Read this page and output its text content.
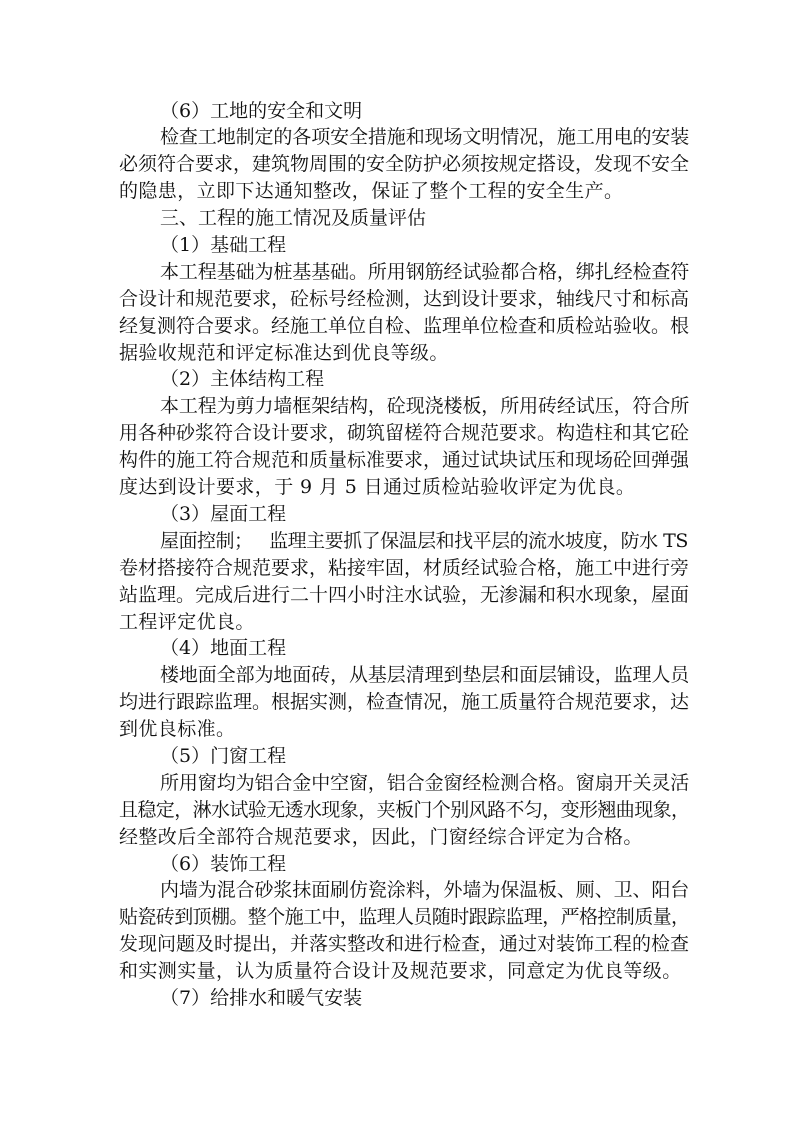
（6）工地的安全和文明
检查工地制定的各项安全措施和现场文明情况，施工用电的安装
必须符合要求，建筑物周围的安全防护必须按规定搭设，发现不安全
的隐患，立即下达通知整改，保证了整个工程的安全生产。
三、工程的施工情况及质量评估
（1）基础工程
本工程基础为桩基基础。所用钢筋经试验都合格，绑扎经检查符
合设计和规范要求，砼标号经检测，达到设计要求，轴线尺寸和标高
经复测符合要求。经施工单位自检、监理单位检查和质检站验收。根
据验收规范和评定标准达到优良等级。
（2）主体结构工程
本工程为剪力墙框架结构，砼现浇楼板，所用砖经试压，符合所
用各种砂浆符合设计要求，砌筑留槎符合规范要求。构造柱和其它砼
构件的施工符合规范和质量标准要求，通过试块试压和现场砼回弹强
度达到设计要求，于 9 月 5 日通过质检站验收评定为优良。
（3）屋面工程
屋面控制；   监理主要抓了保温层和找平层的流水坡度，防水 TS
卷材搭接符合规范要求，粘接牢固，材质经试验合格，施工中进行旁
站监理。完成后进行二十四小时注水试验，无渗漏和积水现象，屋面
工程评定优良。
（4）地面工程
楼地面全部为地面砖，从基层清理到垫层和面层铺设，监理人员
均进行跟踪监理。根据实测，检查情况，施工质量符合规范要求，达
到优良标准。
（5）门窗工程
所用窗均为铝合金中空窗，铝合金窗经检测合格。窗扇开关灵活
且稳定，淋水试验无透水现象，夹板门个别风路不匀，变形翘曲现象，
经整改后全部符合规范要求，因此，门窗经综合评定为合格。
（6）装饰工程
内墙为混合砂浆抹面刷仿瓷涂料，外墙为保温板、厕、卫、阳台
贴瓷砖到顶棚。整个施工中，监理人员随时跟踪监理，严格控制质量，
发现问题及时提出，并落实整改和进行检查，通过对装饰工程的检查
和实测实量，认为质量符合设计及规范要求，同意定为优良等级。
（7）给排水和暖气安装
